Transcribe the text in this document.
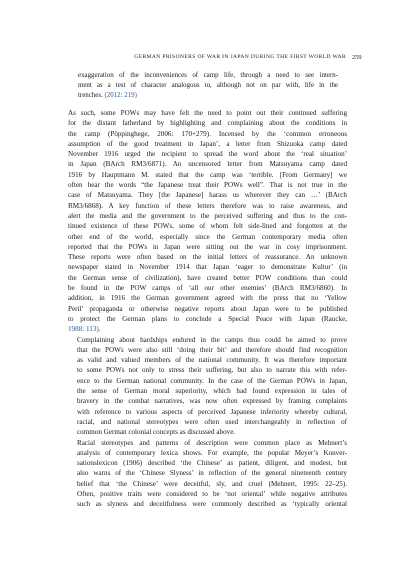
GERMAN PRISONERS OF WAR IN JAPAN DURING THE FIRST WORLD WAR 259

exaggeration of the inconveniences of camp life, through a need to see intern-
ment as a test of character analogous to, although not on par with, life in the
trenches. (2012: 219)

As such, some POWs may have felt the need to point out their continued suffering
for the distant fatherland by highlighting and complaining about the conditions in
the camp (Pöppinghege, 2006: 170+279). Incensed by the ‘common erroneous
assumption of the good treatment in Japan’, a letter from Shizuoka camp dated
November 1916 urged the recipient to spread the word about the ‘real situation’
in Japan (BArch RM3/6871). An uncensored letter from Matsuyama camp dated
1916 by Hauptmann M. stated that the camp was ‘terrible. [From Germany] we
often hear the words “the Japanese treat their POWs well”. That is not true in the
case of Matsuyama. They [the Japanese] harass us wherever they can …’ (BArch
RM3/6868). A key function of these letters therefore was to raise awareness, and
alert the media and the government to the perceived suffering and thus to the con-
tinued existence of these POWs, some of whom felt side-lined and forgotten at the
other end of the world, especially since the German contemporary media often
reported that the POWs in Japan were sitting out the war in cosy imprisonment.
These reports were often based on the initial letters of reassurance. An unknown
newspaper stated in November 1914 that Japan ‘eager to demonstrate Kultur’ (in
the German sense of civilization), have created better POW conditions than could
be found in the POW camps of ‘all our other enemies’ (BArch RM3/6860). In
addition, in 1916 the German government agreed with the press that no ‘Yellow
Peril’ propaganda or otherwise negative reports about Japan were to be published
to protect the German plans to conclude a Special Peace with Japan (Raucke,
1988: 113).

Complaining about hardships endured in the camps thus could be aimed to prove
that the POWs were also still ‘doing their bit’ and therefore should find recognition
as valid and valued members of the national community. It was therefore important
to some POWs not only to stress their suffering, but also to narrate this with refer-
ence to the German national community. In the case of the German POWs in Japan,
the sense of German moral superiority, which had found expression in tales of
bravery in the combat narratives, was now often expressed by framing complaints
with reference to various aspects of perceived Japanese inferiority whereby cultural,
racial, and national stereotypes were often used interchangeably in reflection of
common German colonial concepts as discussed above.

Racial stereotypes and patterns of description were common place as Mehnert’s
analysis of contemporary lexica shows. For example, the popular Meyer’s Konver-
sationslexicon (1906) described ‘the Chinese’ as patient, diligent, and modest, but
also warns of the ‘Chinese Slyness’ in reflection of the general nineteenth century
belief that ‘the Chinese’ were deceitful, sly, and cruel (Mehnert, 1995: 22–25).
Often, positive traits were considered to be ‘not oriental’ while negative attributes
such as slyness and deceitfulness were commonly described as ‘typically oriental
